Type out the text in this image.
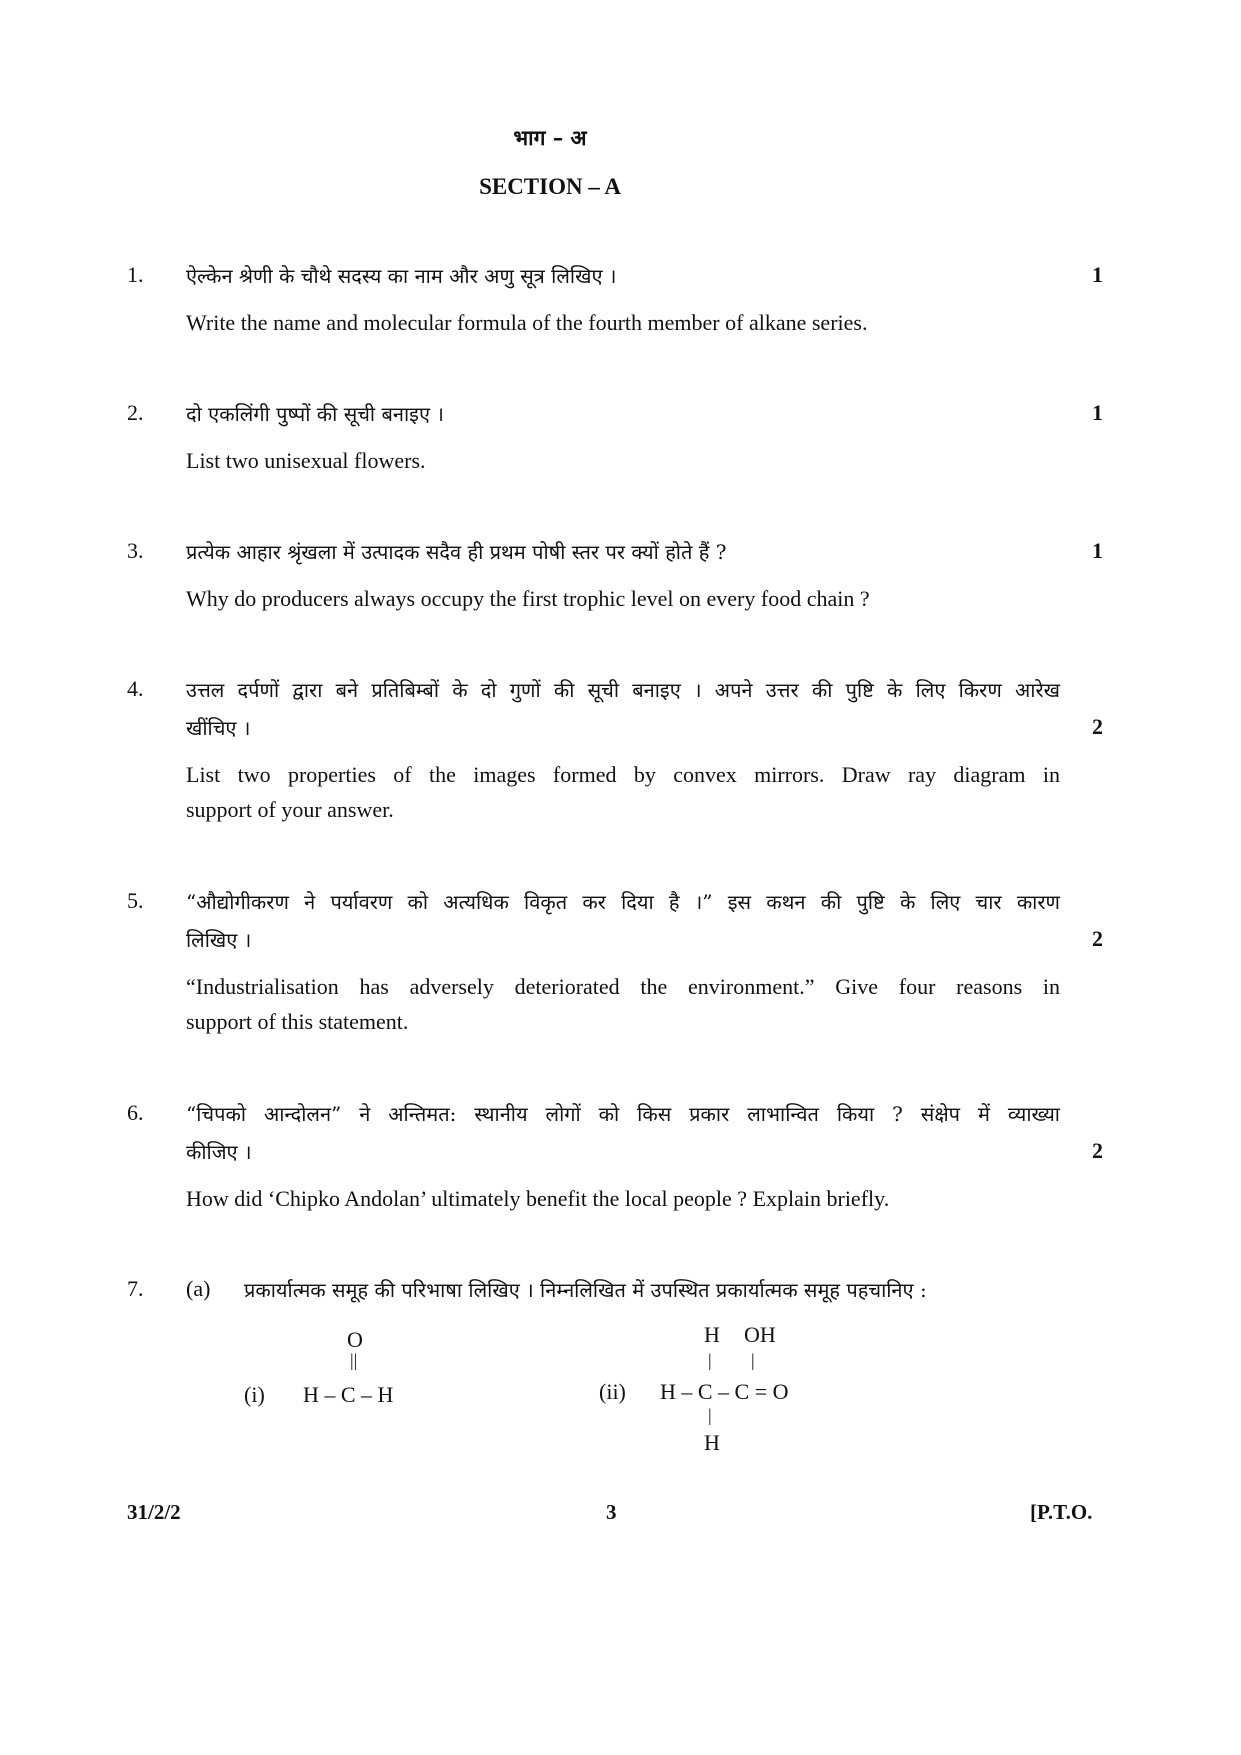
भाग – अ
SECTION – A
1. ऐल्केन श्रेणी के चौथे सदस्य का नाम और अणु सूत्र लिखिए ।	1
Write the name and molecular formula of the fourth member of alkane series.
2. दो एकलिंगी पुष्पों की सूची बनाइए ।	1
List two unisexual flowers.
3. प्रत्येक आहार श्रृंखला में उत्पादक सदैव ही प्रथम पोषी स्तर पर क्यों होते हैं ?	1
Why do producers always occupy the first trophic level on every food chain ?
4. उत्तल दर्पणों द्वारा बने प्रतिबिम्बों के दो गुणों की सूची बनाइए । अपने उत्तर की पुष्टि के लिए किरण आरेख
खींचिए ।	2
List two properties of the images formed by convex mirrors. Draw ray diagram in
support of your answer.
5. “औद्योगीकरण ने पर्यावरण को अत्यधिक विकृत कर दिया है ।” इस कथन की पुष्टि के लिए चार कारण
लिखिए ।	2
“Industrialisation has adversely deteriorated the environment.” Give four reasons in
support of this statement.
6. “चिपको आन्दोलन” ने अन्तिमत: स्थानीय लोगों को किस प्रकार लाभान्वित किया ? संक्षेप में व्याख्या
कीजिए ।	2
How did ‘Chipko Andolan’ ultimately benefit the local people ? Explain briefly.
7. (a) प्रकार्यात्मक समूह की परिभाषा लिखिए । निम्नलिखित में उपस्थित प्रकार्यात्मक समूह पहचानिए :
O
||
(i) H – C – H
H OH
| |
(ii) H – C – C = O
|
H
31/2/2	3	[P.T.O.
